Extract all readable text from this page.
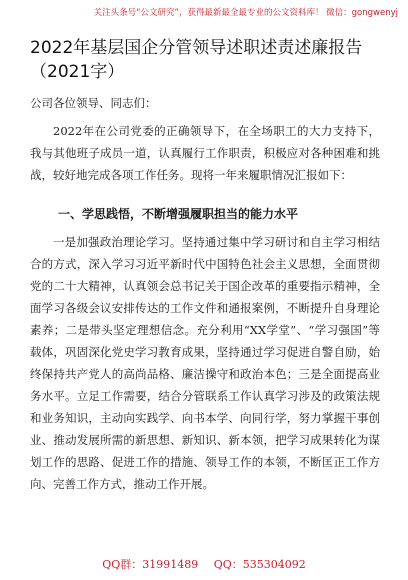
关注头条号“公文研究”，获得最新最全最专业的公文资料库！ 微信：gongwenyj
2022年基层国企分管领导述职述责述廉报告（2021字）
公司各位领导、同志们：

2022年在公司党委的正确领导下，在全场职工的大力支持下，我与其他班子成员一道，认真履行工作职责，积极应对各种困难和挑战，较好地完成各项工作任务。现将一年来履职情况汇报如下：

一、学思践悟，不断增强履职担当的能力水平

一是加强政治理论学习。坚持通过集中学习研讨和自主学习相结合的方式，深入学习习近平新时代中国特色社会主义思想，全面贯彻党的二十大精神，认真领会总书记关于国企改革的重要指示精神，全面学习各级会议安排传达的工作文件和通报案例，不断提升自身理论素养；二是带头坚定理想信念。充分利用“XX学堂”、“学习强国”等载体，巩固深化党史学习教育成果，坚持通过学习促进自警自励，始终保持共产党人的高尚品格、廉洁操守和政治本色；三是全面提高业务水平。立足工作需要，结合分管联系工作认真学习涉及的政策法规和业务知识，主动向实践学、向书本学、向同行学，努力掌握干事创业、推动发展所需的新思想、新知识、新本领，把学习成果转化为谋划工作的思路、促进工作的措施、领导工作的本领，不断匡正工作方向、完善工作方式，推动工作开展。

QQ群：31991489 QQ：535304092
